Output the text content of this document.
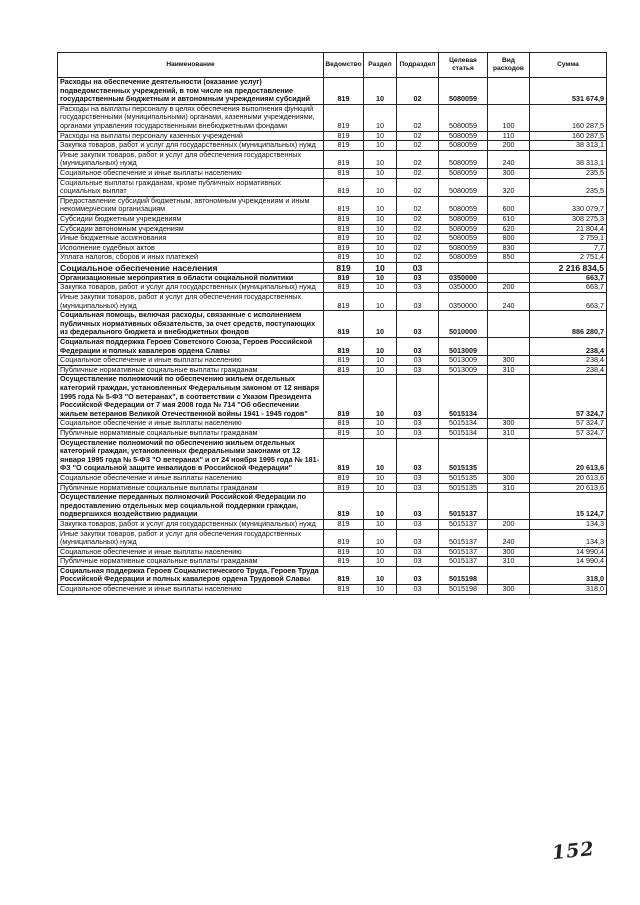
Наименование	Ведомство	Раздел	Подраздел	Целевая статья	Вид расходов	Сумма
Расходы на обеспечение деятельности (оказание услуг) подведомственных учреждений, в том числе на предоставление государственным бюджетным и автономным учреждениям субсидий	819	10	02	5080059		531 674,9
Расходы на выплаты персоналу в целях обеспечения выполнения функций государственными (муниципальными) органами, казенными учреждениями, органами управления государственными внебюджетными фондами	819	10	02	5080059	100	160 287,5
Расходы на выплаты персоналу казенных учреждений	819	10	02	5080059	110	160 287,5
Закупка товаров, работ и услуг для государственных (муниципальных) нужд	819	10	02	5080059	200	38 313,1
Иные закупки товаров, работ и услуг для обеспечения государственных (муниципальных) нужд	819	10	02	5080059	240	38 313,1
Социальное обеспечение и иные выплаты населению	819	10	02	5080059	300	235,5
Социальные выплаты гражданам, кроме публичных нормативных социальных выплат	819	10	02	5080059	320	235,5
Предоставление субсидий бюджетным, автономным учреждениям и иным некоммерческим организациям	819	10	02	5080059	600	330 079,7
Субсидии бюджетным учреждениям	819	10	02	5080059	610	308 275,3
Субсидии автономным учреждениям	819	10	02	5080059	620	21 804,4
Иные бюджетные ассигнования	819	10	02	5080059	800	2 759,1
Исполнение судебных актов	819	10	02	5080059	830	7,7
Уплата налогов, сборов и иных платежей	819	10	02	5080059	850	2 751,4
Социальное обеспечение населения	819	10	03			2 216 834,5
Организационные мероприятия в области социальной политики	819	10	03	0350000		663,7
Закупка товаров, работ и услуг для государственных (муниципальных) нужд	819	10	03	0350000	200	663,7
Иные закупки товаров, работ и услуг для обеспечения государственных (муниципальных) нужд	819	10	03	0350000	240	663,7
Социальная помощь, включая расходы, связанные с исполнением публичных нормативных обязательств, за счет средств, поступающих из федерального бюджета и внебюджетных фондов	819	10	03	5010000		886 280,7
Социальная поддержка Героев Советского Союза, Героев Российской Федерации и полных кавалеров ордена Славы	819	10	03	5013009		238,4
Социальное обеспечение и иные выплаты населению	819	10	03	5013009	300	238,4
Публичные нормативные социальные выплаты гражданам	819	10	03	5013009	310	238,4
Осуществление полномочий по обеспечению жильем отдельных категорий граждан, установленных Федеральным законом от 12 января 1995 года № 5-ФЗ "О ветеранах", в соответствии с Указом Президента Российской Федерации от 7 мая 2008 года № 714 "Об обеспечении жильем ветеранов Великой Отечественной войны 1941 - 1945 годов"	819	10	03	5015134		57 324,7
Социальное обеспечение и иные выплаты населению	819	10	03	5015134	300	57 324,7
Публичные нормативные социальные выплаты гражданам	819	10	03	5015134	310	57 324,7
Осуществление полномочий по обеспечению жильем отдельных категорий граждан, установленных федеральными законами от 12 января 1995 года № 5-ФЗ "О ветеранах" и от 24 ноября 1995 года № 181-ФЗ "О социальной защите инвалидов в Российской Федерации"	819	10	03	5015135		20 613,6
Социальное обеспечение и иные выплаты населению	819	10	03	5015135	300	20 613,6
Публичные нормативные социальные выплаты гражданам	819	10	03	5015135	310	20 613,6
Осуществление переданных полномочий Российской Федерации по предоставлению отдельных мер социальной поддержки граждан, подвергшихся воздействию радиации	819	10	03	5015137		15 124,7
Закупка товаров, работ и услуг для государственных (муниципальных) нужд	819	10	03	5015137	200	134,3
Иные закупки товаров, работ и услуг для обеспечения государственных (муниципальных) нужд	819	10	03	5015137	240	134,3
Социальное обеспечение и иные выплаты населению	819	10	03	5015137	300	14 990,4
Публичные нормативные социальные выплаты гражданам	819	10	03	5015137	310	14 990,4
Социальная поддержка Героев Социалистического Труда, Героев Труда Российской Федерации и полных кавалеров ордена Трудовой Славы	819	10	03	5015198		318,0
Социальное обеспечение и иные выплаты населению	819	10	03	5015198	300	318,0
152
